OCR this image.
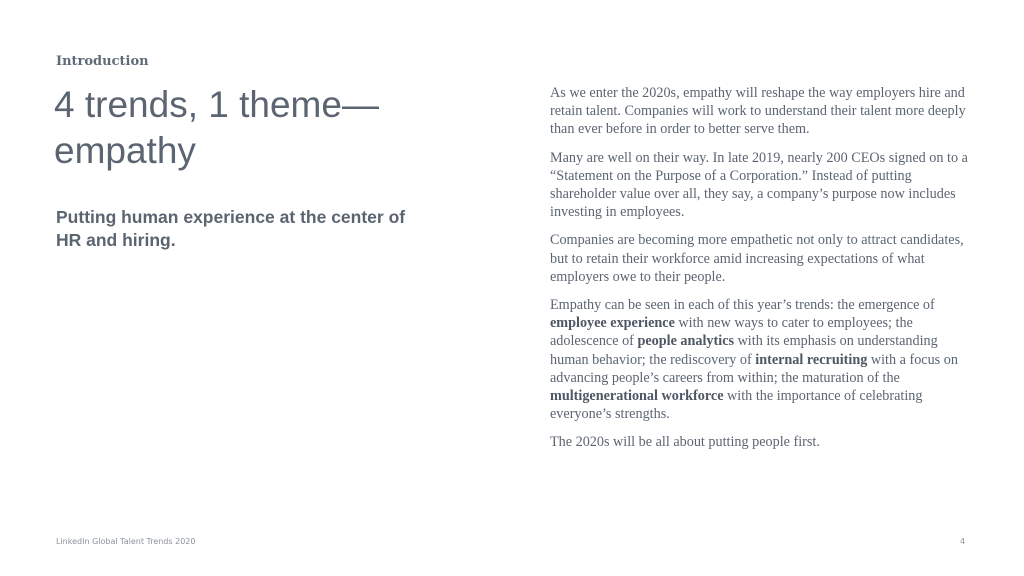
Introduction
4 trends, 1 theme— empathy
Putting human experience at the center of HR and hiring.

As we enter the 2020s, empathy will reshape the way employers hire and retain talent. Companies will work to understand their talent more deeply than ever before in order to better serve them.

Many are well on their way. In late 2019, nearly 200 CEOs signed on to a “Statement on the Purpose of a Corporation.” Instead of putting shareholder value over all, they say, a company’s purpose now includes investing in employees.

Companies are becoming more empathetic not only to attract candidates, but to retain their workforce amid increasing expectations of what employers owe to their people.

Empathy can be seen in each of this year’s trends: the emergence of employee experience with new ways to cater to employees; the adolescence of people analytics with its emphasis on understanding human behavior; the rediscovery of internal recruiting with a focus on advancing people’s careers from within; the maturation of the multigenerational workforce with the importance of celebrating everyone’s strengths.

The 2020s will be all about putting people first.

LinkedIn Global Talent Trends 2020	4
